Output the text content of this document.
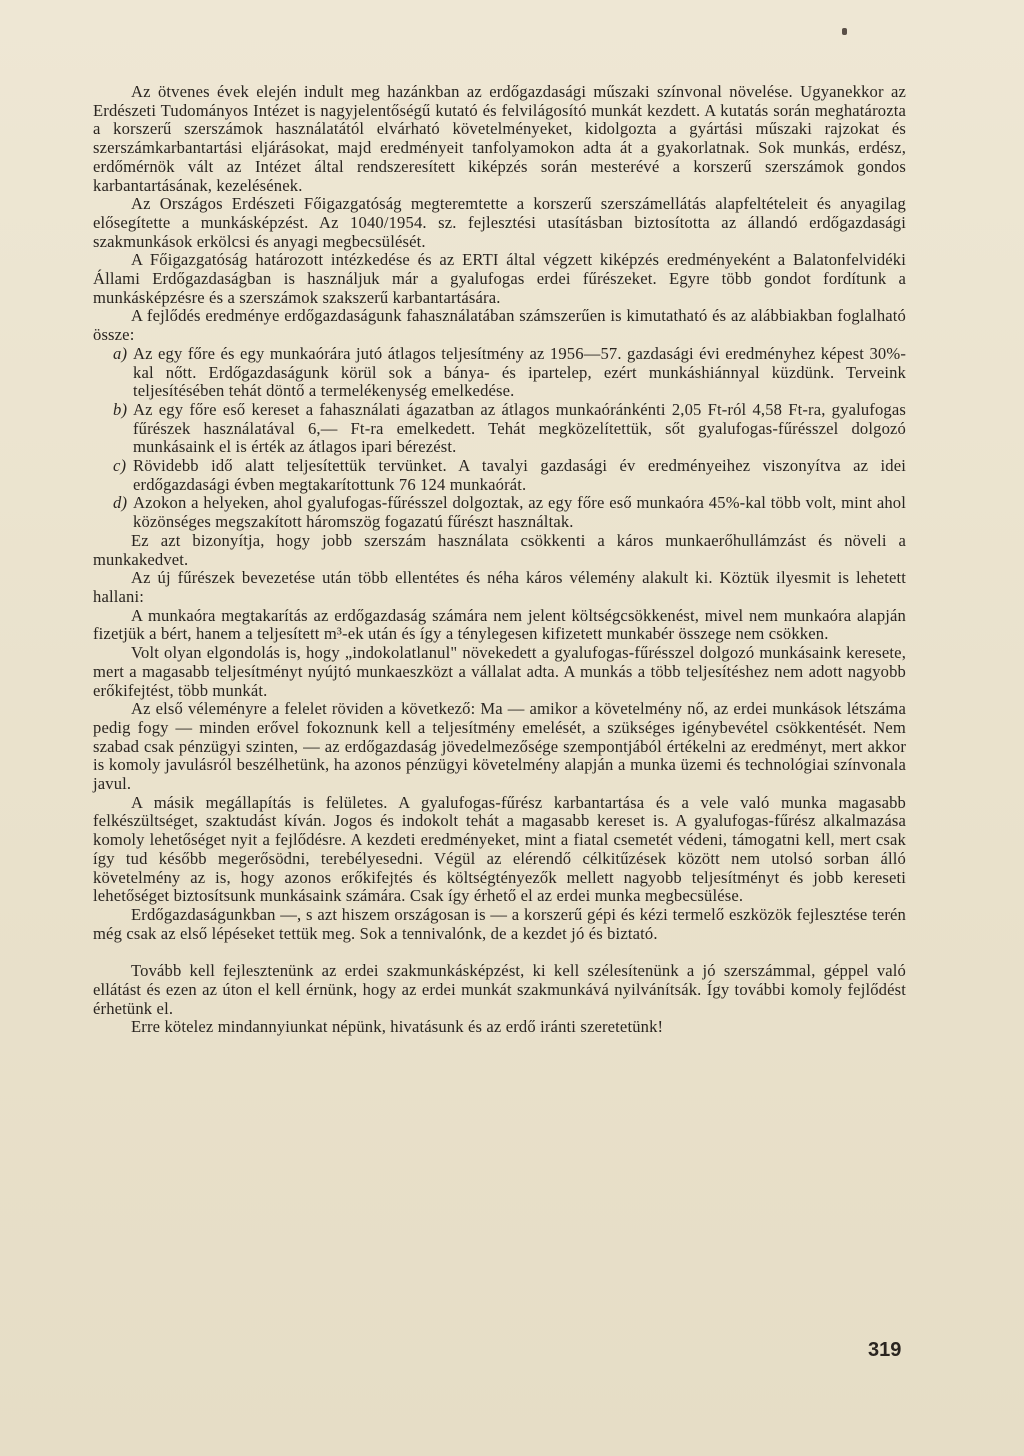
Az ötvenes évek elején indult meg hazánkban az erdőgazdasági műszaki színvonal növelése. Ugyanekkor az Erdészeti Tudományos Intézet is nagyjelentőségű kutató és felvilágosító munkát kezdett. A kutatás során meghatározta a korszerű szerszámok használatától elvárható követelményeket, kidolgozta a gyártási műszaki rajzokat és szerszámkarbantartási eljárásokat, majd eredményeit tanfolyamokon adta át a gyakorlatnak. Sok munkás, erdész, erdőmérnök vált az Intézet által rendszeresített kiképzés során mesterévé a korszerű szerszámok gondos karbantartásának, kezelésének.

Az Országos Erdészeti Főigazgatóság megteremtette a korszerű szerszámellátás alapfeltételeit és anyagilag elősegítette a munkásképzést. Az 1040/1954. sz. fejlesztési utasításban biztosította az állandó erdőgazdasági szakmunkások erkölcsi és anyagi megbecsülését.

A Főigazgatóság határozott intézkedése és az ERTI által végzett kiképzés eredményeként a Balatonfelvidéki Állami Erdőgazdaságban is használjuk már a gyalufogas erdei fűrészeket. Egyre több gondot fordítunk a munkásképzésre és a szerszámok szakszerű karbantartására.

A fejlődés eredménye erdőgazdaságunk fahasználatában számszerűen is kimutatható és az alábbiakban foglalható össze:

a) Az egy főre és egy munkaórára jutó átlagos teljesítmény az 1956—57. gazdasági évi eredményhez képest 30%-kal nőtt. Erdőgazdaságunk körül sok a bánya- és ipartelep, ezért munkáshiánnyal küzdünk. Terveink teljesítésében tehát döntő a termelékenység emelkedése.
b) Az egy főre eső kereset a fahasználati ágazatban az átlagos munkaóránkénti 2,05 Ft-ról 4,58 Ft-ra, gyalufogas fűrészek használatával 6,— Ft-ra emelkedett. Tehát megközelítettük, sőt gyalufogas-fűrésszel dolgozó munkásaink el is érték az átlagos ipari bérezést.
c) Rövidebb idő alatt teljesítettük tervünket. A tavalyi gazdasági év eredményeihez viszonyítva az idei erdőgazdasági évben megtakarítottunk 76 124 munkaórát.
d) Azokon a helyeken, ahol gyalufogas-fűrésszel dolgoztak, az egy főre eső munkaóra 45%-kal több volt, mint ahol közönséges megszakított háromszög fogazatú fűrészt használtak.

Ez azt bizonyítja, hogy jobb szerszám használata csökkenti a káros munkaerőhullámzást és növeli a munkakedvet.

Az új fűrészek bevezetése után több ellentétes és néha káros vélemény alakult ki. Köztük ilyesmit is lehetett hallani:

A munkaóra megtakarítás az erdőgazdaság számára nem jelent költségcsökkenést, mivel nem munkaóra alapján fizetjük a bért, hanem a teljesített m³-ek után és így a ténylegesen kifizetett munkabér összege nem csökken.

Volt olyan elgondolás is, hogy „indokolatlanul" növekedett a gyalufogas-fűrésszel dolgozó munkásaink keresete, mert a magasabb teljesítményt nyújtó munkaeszközt a vállalat adta. A munkás a több teljesítéshez nem adott nagyobb erőkifejtést, több munkát.

Az első véleményre a felelet röviden a következő: Ma — amikor a követelmény nő, az erdei munkások létszáma pedig fogy — minden erővel fokoznunk kell a teljesítmény emelését, a szükséges igénybevétel csökkentését. Nem szabad csak pénzügyi szinten, — az erdőgazdaság jövedelmezősége szempontjából értékelni az eredményt, mert akkor is komoly javulásról beszélhetünk, ha azonos pénzügyi követelmény alapján a munka üzemi és technológiai színvonala javul.

A másik megállapítás is felületes. A gyalufogas-fűrész karbantartása és a vele való munka magasabb felkészültséget, szaktudást kíván. Jogos és indokolt tehát a magasabb kereset is. A gyalufogas-fűrész alkalmazása komoly lehetőséget nyit a fejlődésre. A kezdeti eredményeket, mint a fiatal csemetét védeni, támogatni kell, mert csak így tud később megerősödni, terebélyesedni. Végül az elérendő célkitűzések között nem utolsó sorban álló követelmény az is, hogy azonos erőkifejtés és költségtényezők mellett nagyobb teljesítményt és jobb kereseti lehetőséget biztosítsunk munkásaink számára. Csak így érhető el az erdei munka megbecsülése.

Erdőgazdaságunkban —, s azt hiszem országosan is — a korszerű gépi és kézi termelő eszközök fejlesztése terén még csak az első lépéseket tettük meg. Sok a tennivalónk, de a kezdet jó és biztató.

Tovább kell fejlesztenünk az erdei szakmunkásképzést, ki kell szélesítenünk a jó szerszámmal, géppel való ellátást és ezen az úton el kell érnünk, hogy az erdei munkát szakmunkává nyilvánítsák. Így további komoly fejlődést érhetünk el.

Erre kötelez mindannyiunkat népünk, hivatásunk és az erdő iránti szeretetünk!

319
